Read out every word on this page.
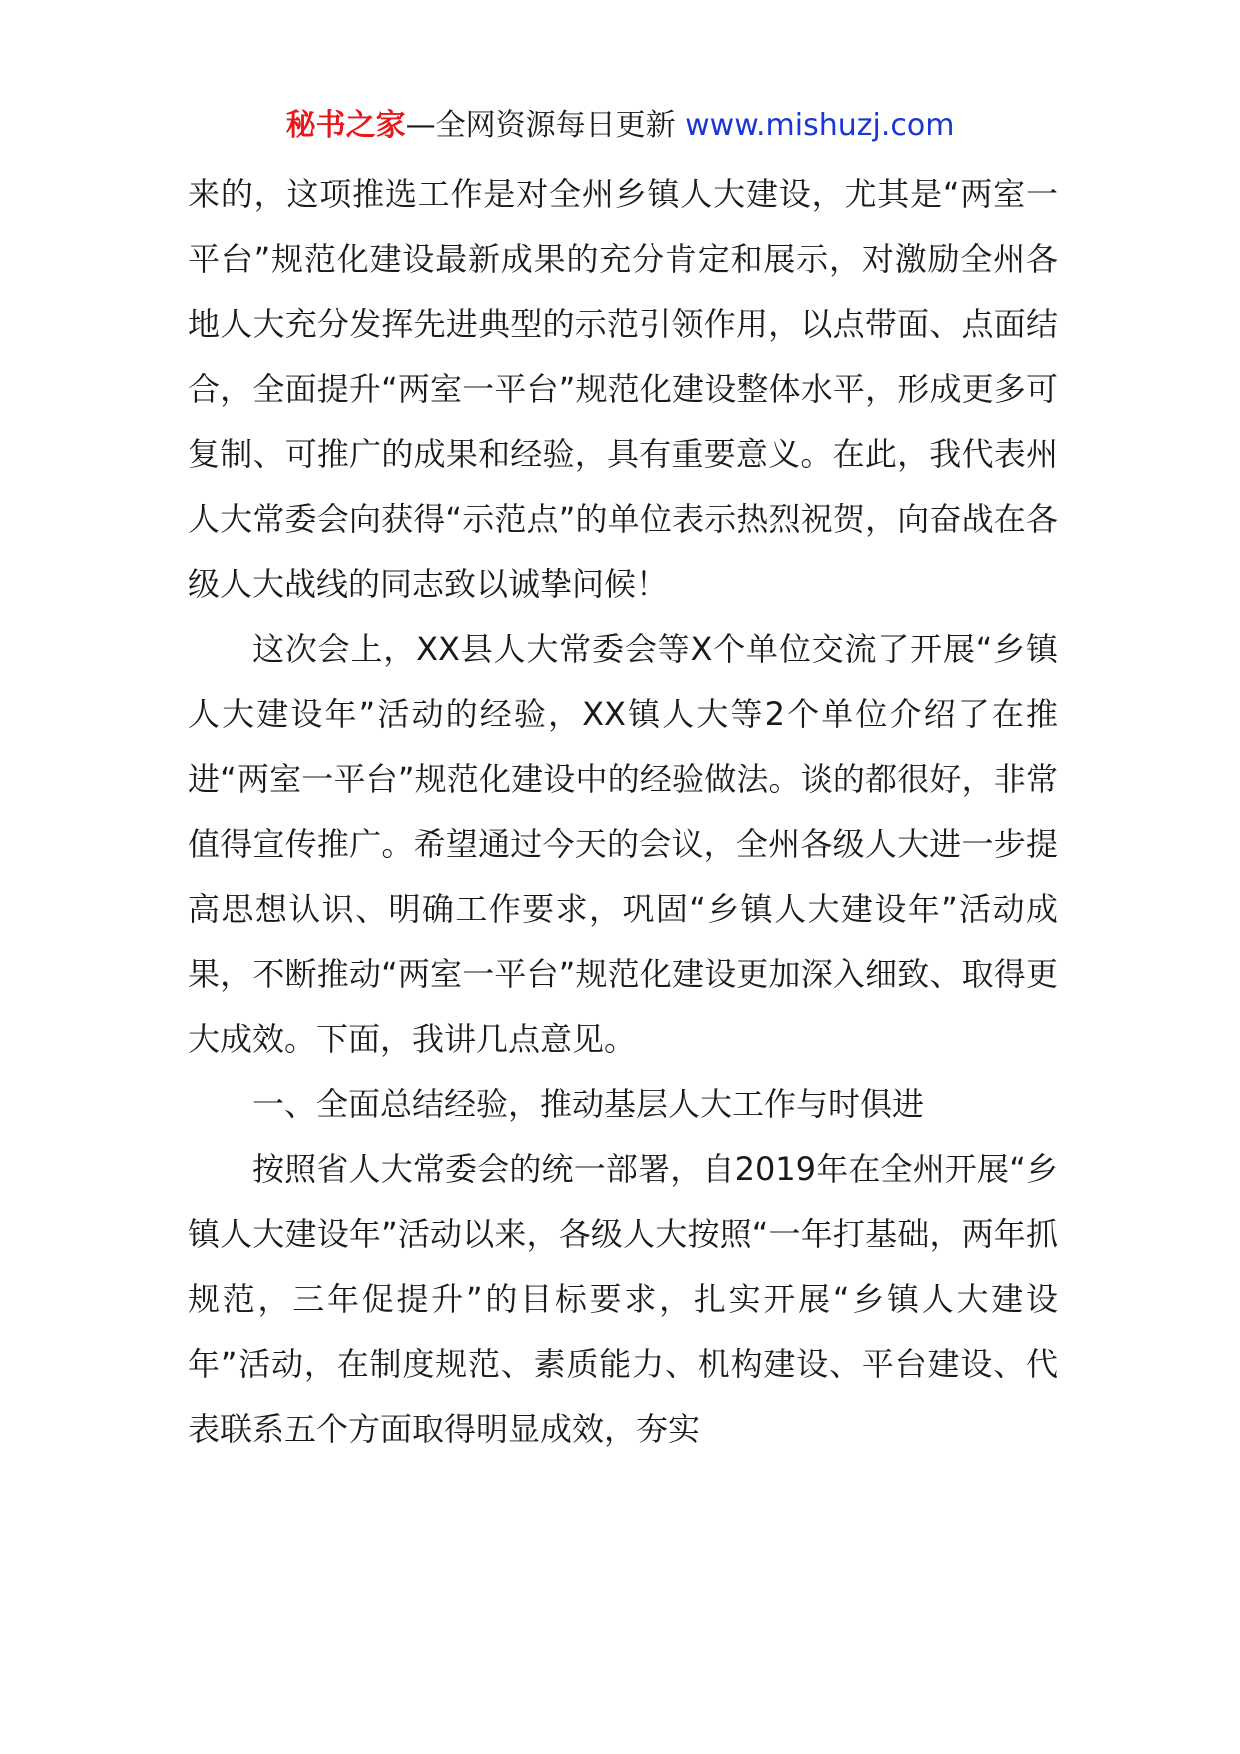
秘书之家—全网资源每日更新 www.mishuzj.com

来的，这项推选工作是对全州乡镇人大建设，尤其是“两室一平台”规范化建设最新成果的充分肯定和展示，对激励全州各地人大充分发挥先进典型的示范引领作用，以点带面、点面结合，全面提升“两室一平台”规范化建设整体水平，形成更多可复制、可推广的成果和经验，具有重要意义。在此，我代表州人大常委会向获得“示范点”的单位表示热烈祝贺，向奋战在各级人大战线的同志致以诚挚问候！

这次会上，XX县人大常委会等X个单位交流了开展“乡镇人大建设年”活动的经验，XX镇人大等2个单位介绍了在推进“两室一平台”规范化建设中的经验做法。谈的都很好，非常值得宣传推广。希望通过今天的会议，全州各级人大进一步提高思想认识、明确工作要求，巩固“乡镇人大建设年”活动成果，不断推动“两室一平台”规范化建设更加深入细致、取得更大成效。下面，我讲几点意见。

一、全面总结经验，推动基层人大工作与时俱进

按照省人大常委会的统一部署，自2019年在全州开展“乡镇人大建设年”活动以来，各级人大按照“一年打基础，两年抓规范，三年促提升”的目标要求，扎实开展“乡镇人大建设年”活动，在制度规范、素质能力、机构建设、平台建设、代表联系五个方面取得明显成效，夯实
